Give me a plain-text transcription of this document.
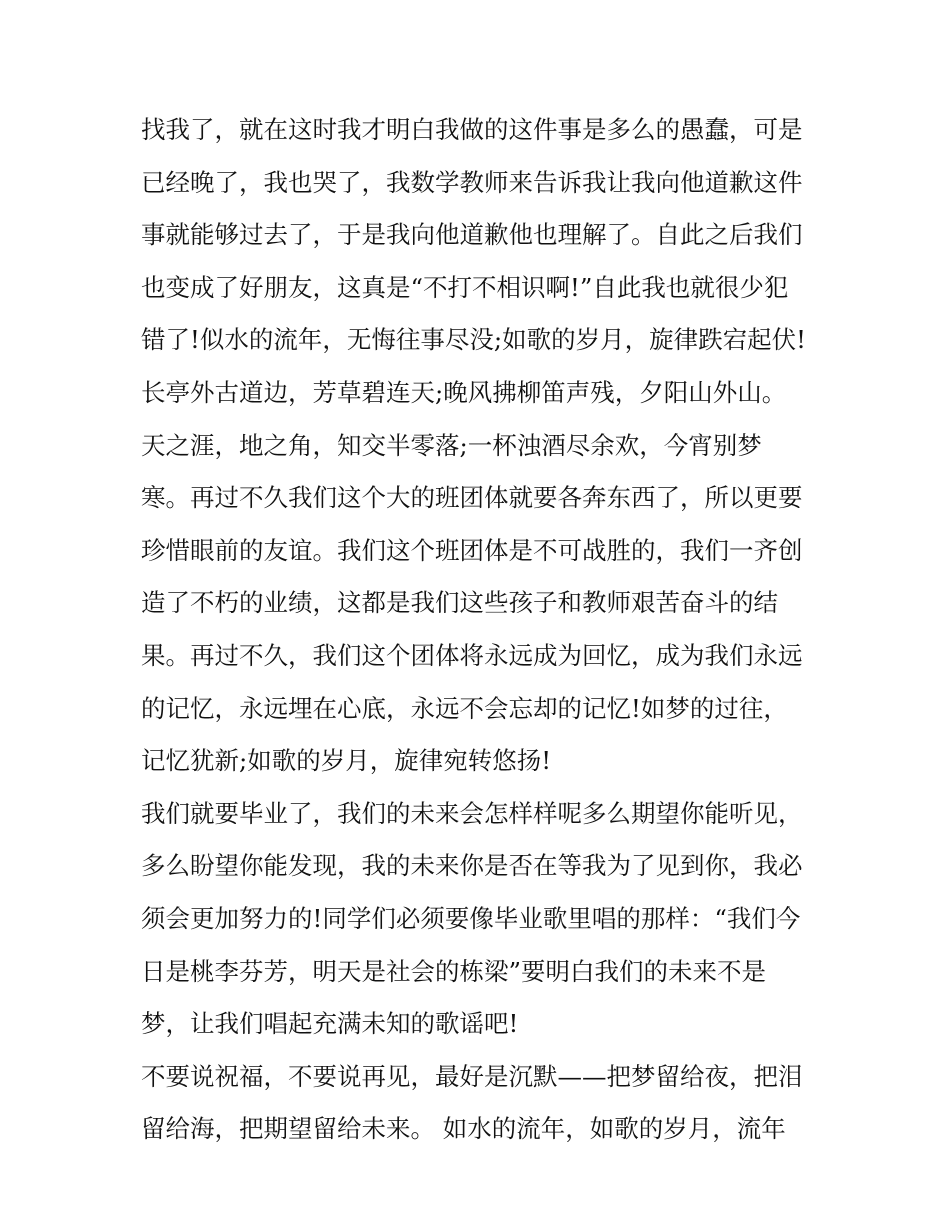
找我了，就在这时我才明白我做的这件事是多么的愚蠢，可是
已经晚了，我也哭了，我数学教师来告诉我让我向他道歉这件
事就能够过去了，于是我向他道歉他也理解了。自此之后我们
也变成了好朋友，这真是“不打不相识啊!”自此我也就很少犯
错了!似水的流年，无悔往事尽没;如歌的岁月，旋律跌宕起伏!
长亭外古道边，芳草碧连天;晚风拂柳笛声残，夕阳山外山。
天之涯，地之角，知交半零落;一杯浊酒尽余欢，今宵别梦
寒。再过不久我们这个大的班团体就要各奔东西了，所以更要
珍惜眼前的友谊。我们这个班团体是不可战胜的，我们一齐创
造了不朽的业绩，这都是我们这些孩子和教师艰苦奋斗的结
果。再过不久，我们这个团体将永远成为回忆，成为我们永远
的记忆，永远埋在心底，永远不会忘却的记忆!如梦的过往，
记忆犹新;如歌的岁月，旋律宛转悠扬!
我们就要毕业了，我们的未来会怎样样呢多么期望你能听见，
多么盼望你能发现，我的未来你是否在等我为了见到你，我必
须会更加努力的!同学们必须要像毕业歌里唱的那样：“我们今
日是桃李芬芳，明天是社会的栋梁”要明白我们的未来不是
梦，让我们唱起充满未知的歌谣吧!
不要说祝福，不要说再见，最好是沉默——把梦留给夜，把泪
留给海，把期望留给未来。 如水的流年，如歌的岁月，流年
